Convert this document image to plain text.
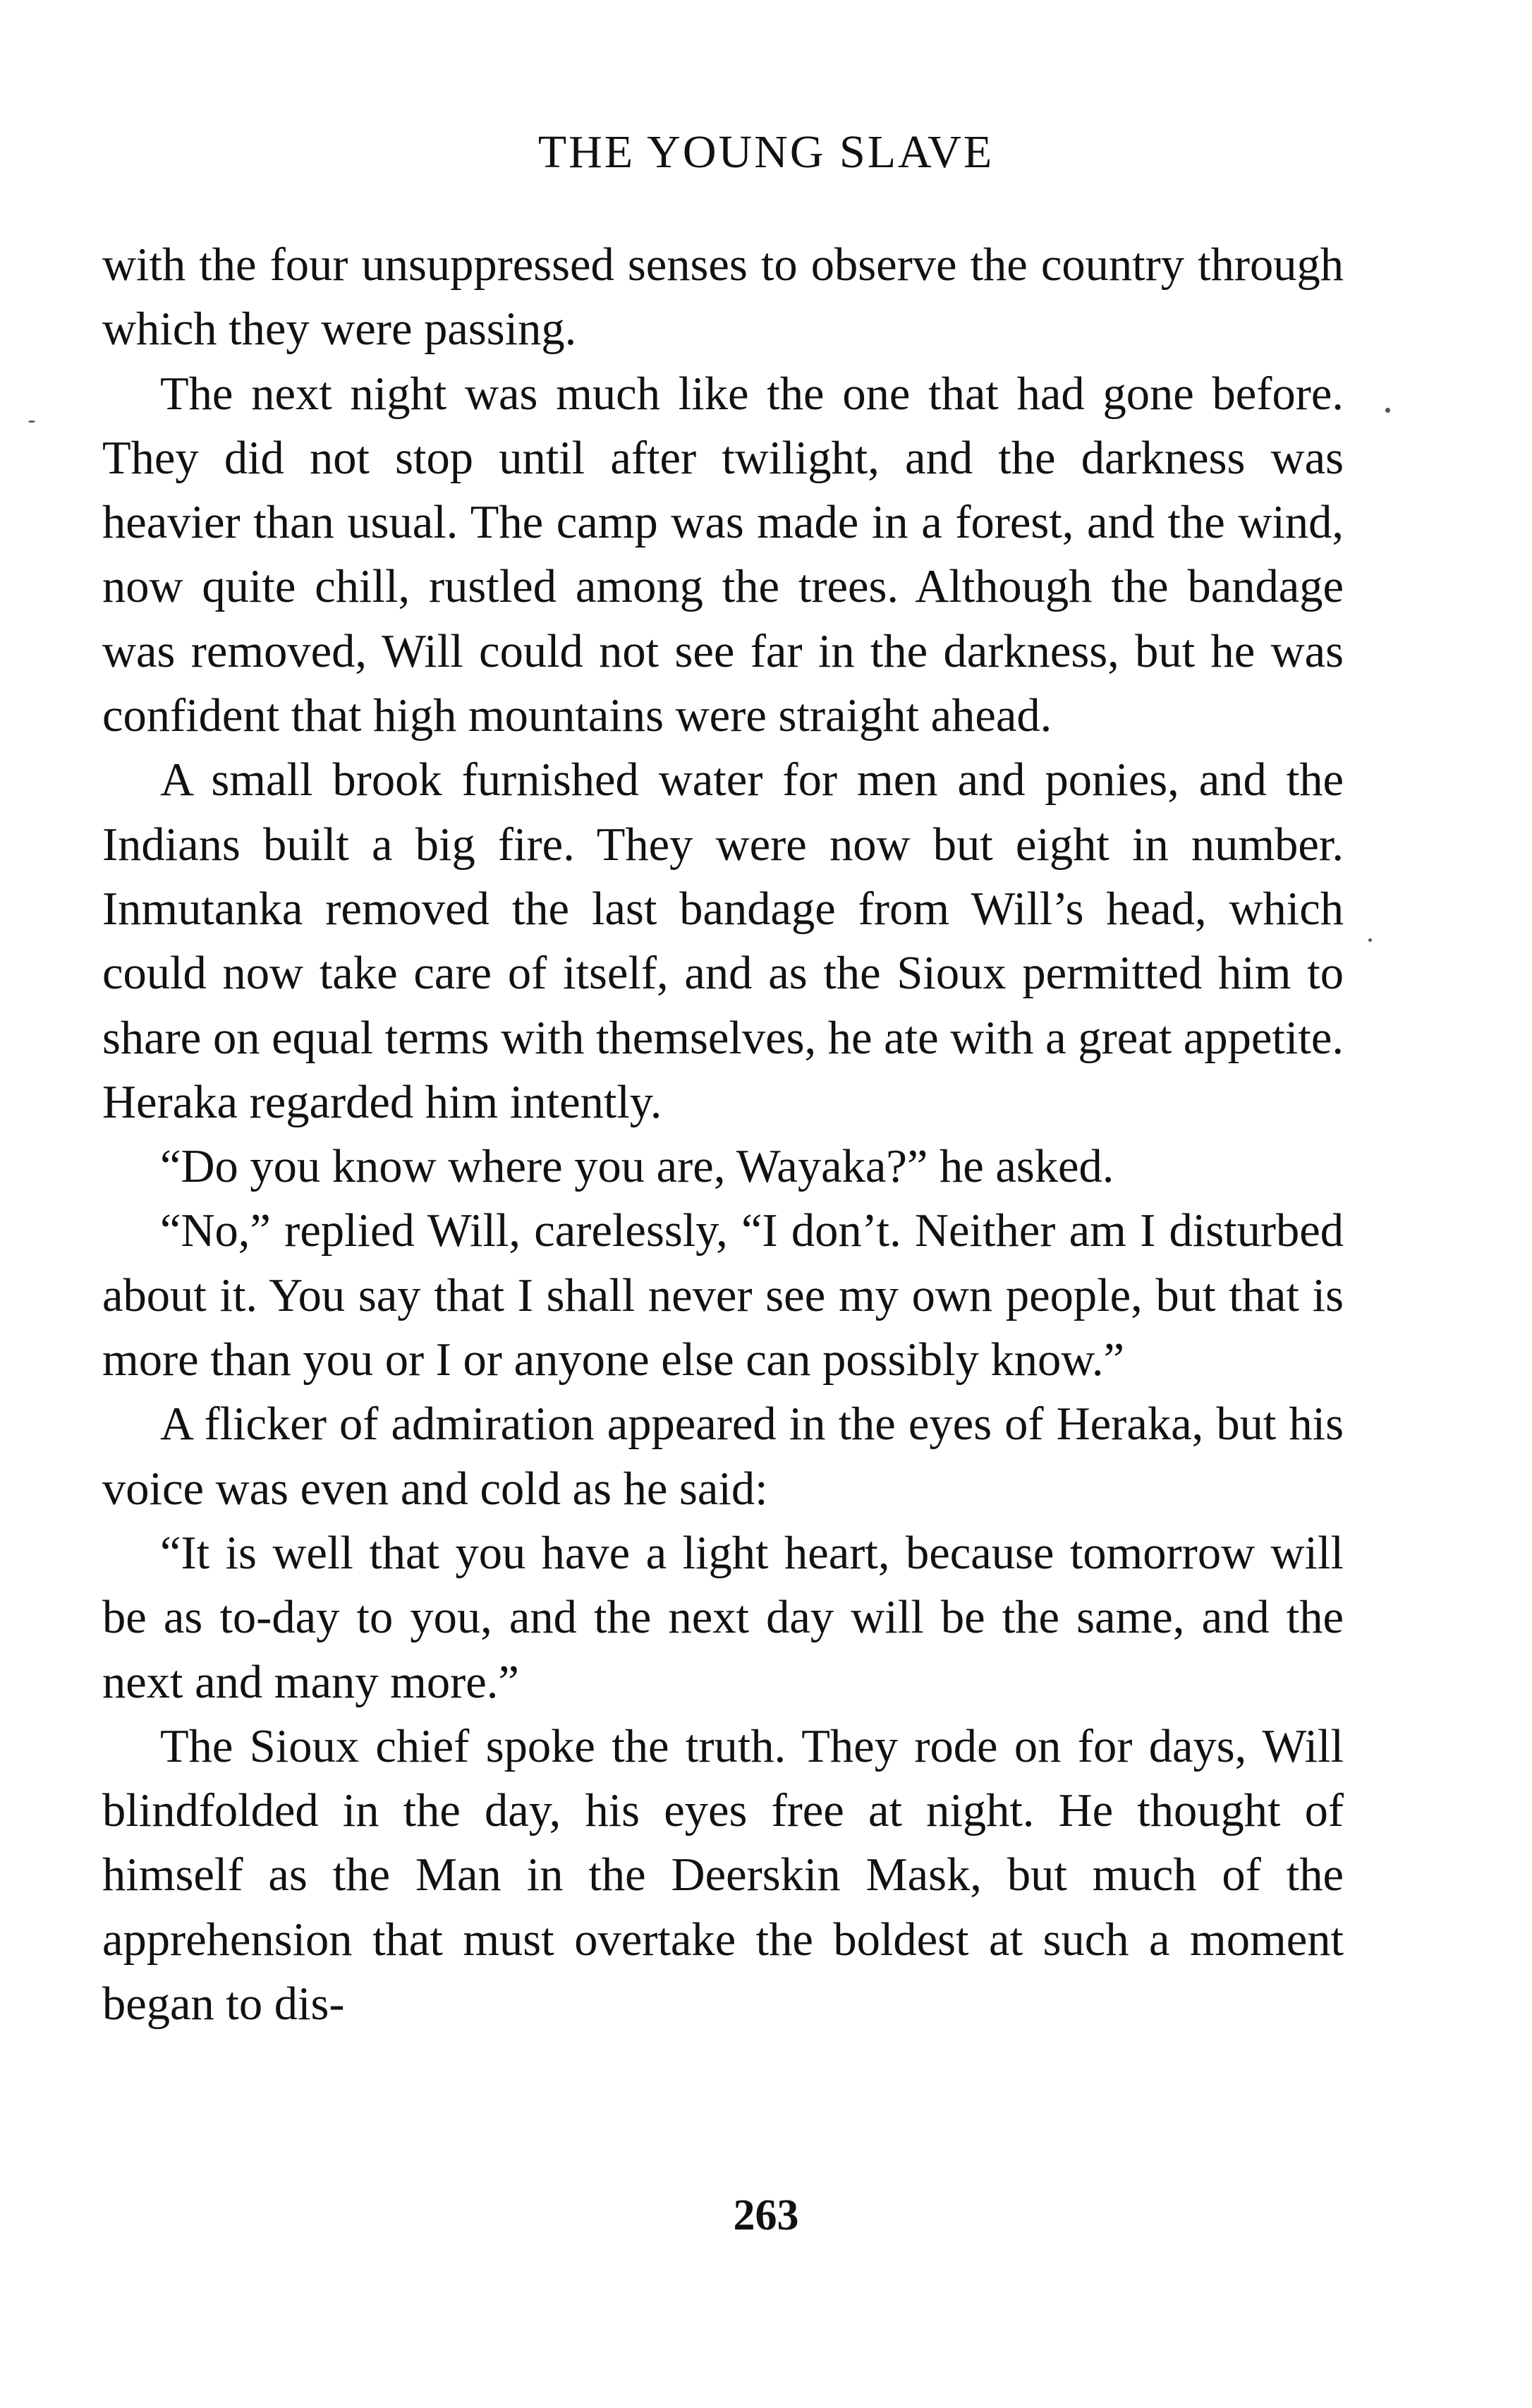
THE YOUNG SLAVE

with the four unsuppressed senses to observe the country through which they were passing.

The next night was much like the one that had gone before. They did not stop until after twilight, and the darkness was heavier than usual. The camp was made in a forest, and the wind, now quite chill, rustled among the trees. Although the bandage was removed, Will could not see far in the darkness, but he was confident that high mountains were straight ahead.

A small brook furnished water for men and ponies, and the Indians built a big fire. They were now but eight in number. Inmutanka removed the last bandage from Will’s head, which could now take care of itself, and as the Sioux permitted him to share on equal terms with themselves, he ate with a great appetite. Heraka regarded him intently.

“Do you know where you are, Wayaka?” he asked.

“No,” replied Will, carelessly, “I don’t. Neither am I disturbed about it. You say that I shall never see my own people, but that is more than you or I or anyone else can possibly know.”

A flicker of admiration appeared in the eyes of Heraka, but his voice was even and cold as he said:

“It is well that you have a light heart, because tomorrow will be as to-day to you, and the next day will be the same, and the next and many more.”

The Sioux chief spoke the truth. They rode on for days, Will blindfolded in the day, his eyes free at night. He thought of himself as the Man in the Deerskin Mask, but much of the apprehension that must overtake the boldest at such a moment began to dis-

263
